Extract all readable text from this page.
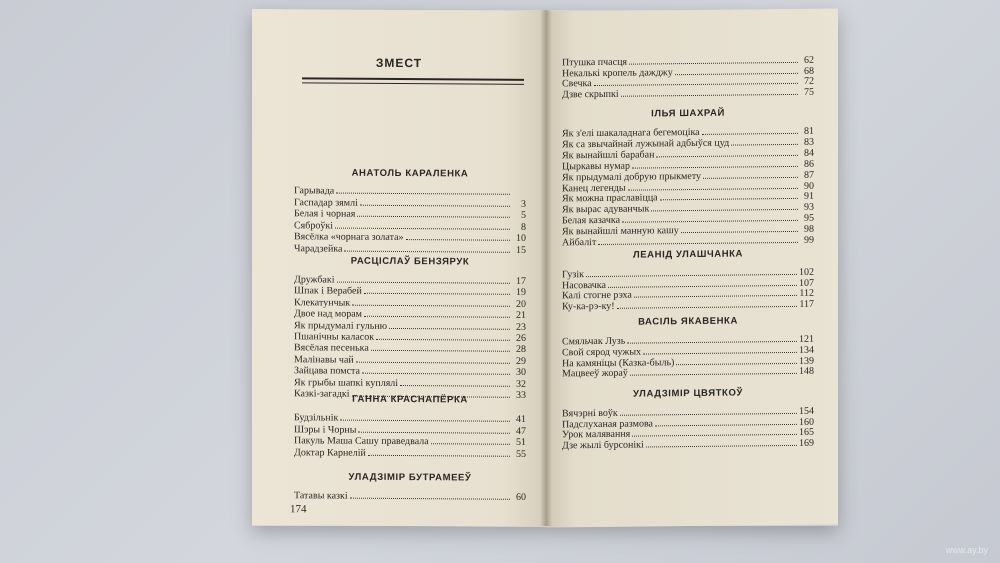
ЗМЕСТ
АНАТОЛЬ КАРАЛЕНКА
Гарывада
Гаспадар зямлі	3
Белая і чорная	5
Сяброўкі	8
Вясёлка «чорнага золата»	10
Чарадзейка	15
РАСЦІСЛАЎ БЕНЗЯРУК
Дружбакі	17
Шпак і Верабей	19
Клекатунчык	20
Двое над морам	21
Як прыдумалі гульню	23
Пшанічны каласок	26
Вясёлая песенька	28
Малінавы чай	29
Зайцава помста	30
Як грыбы шапкі куплялі	32
Казкі-загадкі	33
ГАННА КРАСНАПЁРКА
Будзільнік	41
Шэры і Чорны	47
Пакуль Маша Сашу праведвала	51
Доктар Карнелій	55
УЛАДЗІМІР БУТРАМЕЕЎ
Татавы казкі	60
174
Птушка пчасця	62
Некалькі кропель дажджу	68
Свечка	72
Дзве скрыпкі	75
ІЛЬЯ ШАХРАЙ
Як з'елі шакаладнага бегемоціка	81
Як са звычайнай лужынай адбыўся цуд	83
Як вынайшлі барабан	84
Цыркавы нумар	86
Як прыдумалі добрую прыкмету	87
Канец легенды	90
Як можна праславіцца	91
Як вырас адуванчык	93
Белая казачка	95
Як вынайшлі манную кашу	98
Айбаліт	99
ЛЕАНІД УЛАШЧАНКА
Гузік	102
Насовачка	107
Калі стогне рэха	112
Ку-ка-рэ-ку!	117
ВАСІЛЬ ЯКАВЕНКА
Смяльчак Лузь	121
Свой сярод чужых	134
На камяніцы (Казка-быль)	139
Мацвееў жораў	148
УЛАДЗІМІР ЦВЯТКОЎ
Вячэрні воўк	154
Падслуханая размова	160
Урок малявання	165
Дзе жылі бурсонікі	169
www.ay.by
